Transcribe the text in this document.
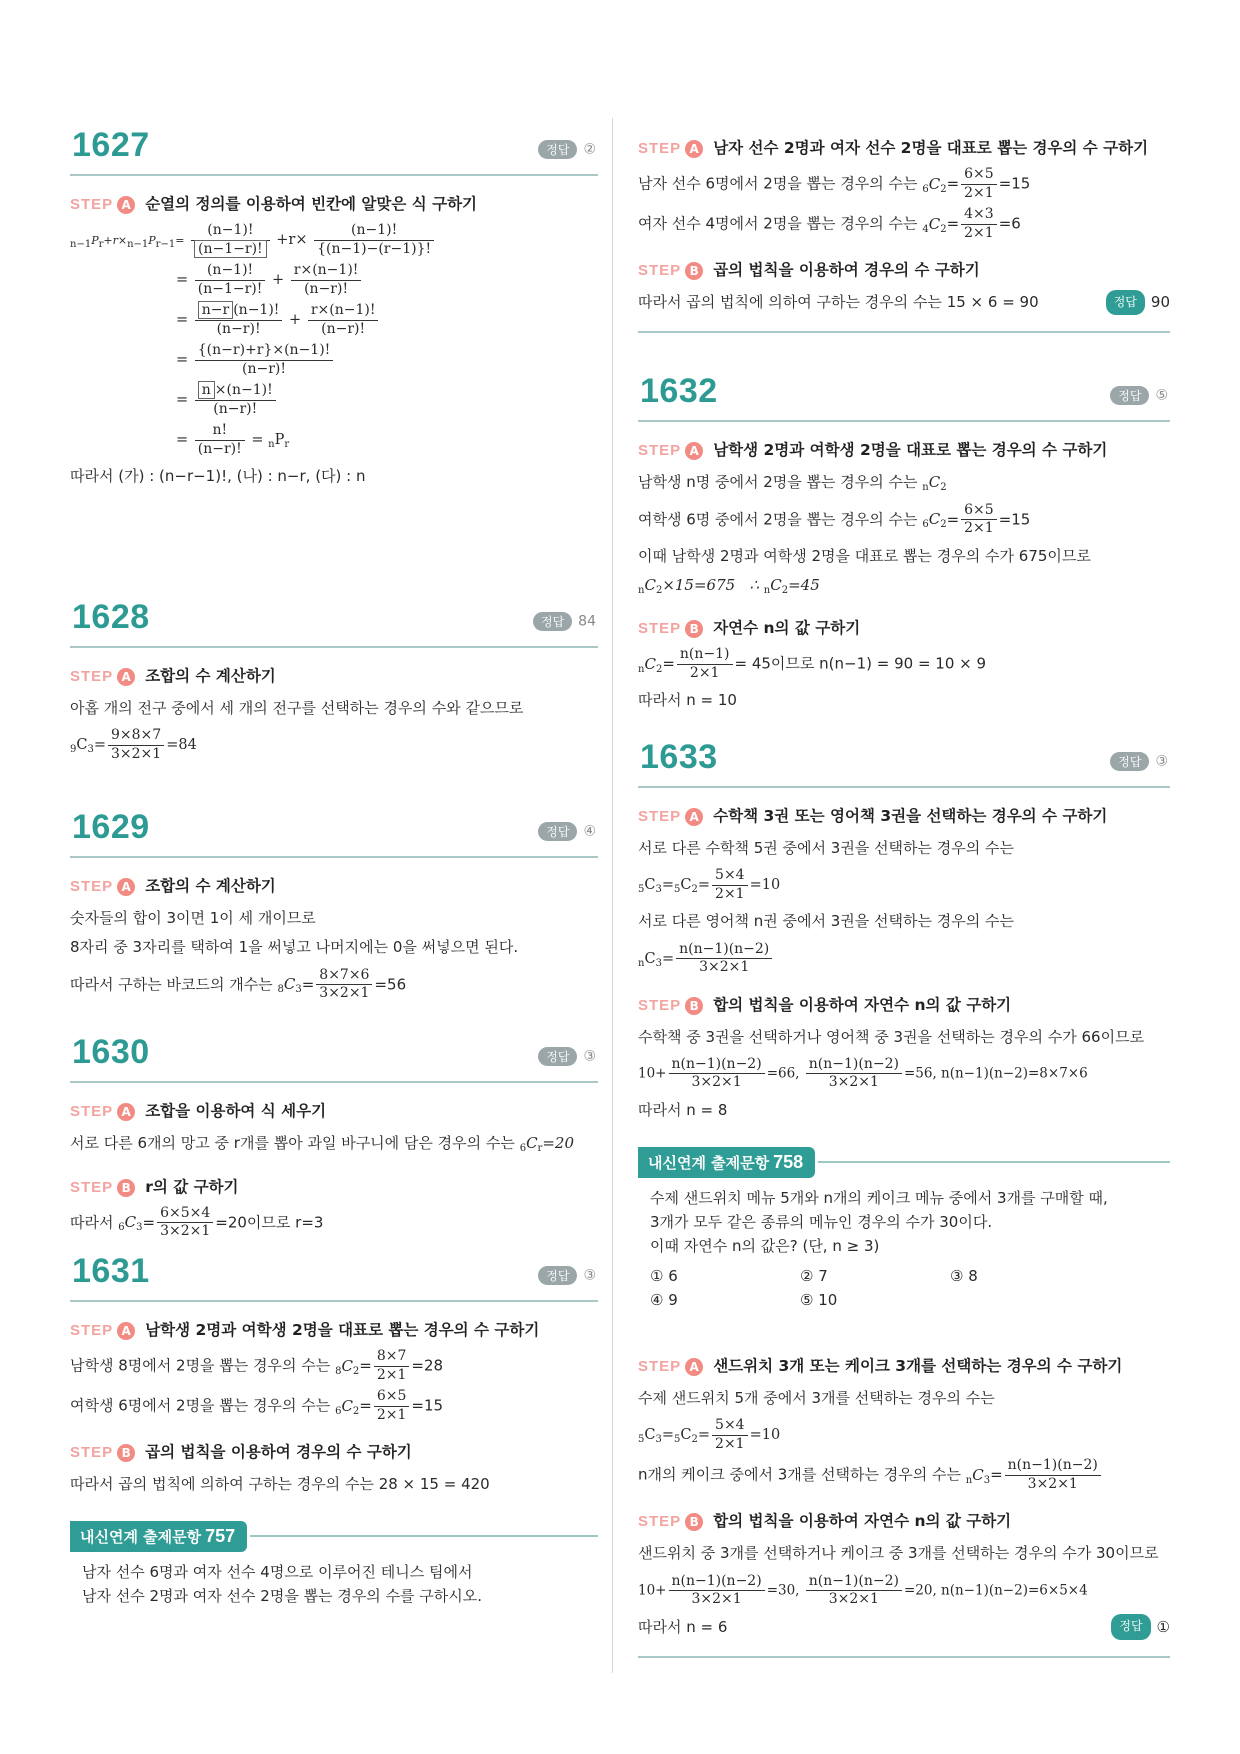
1627	정답 ②
STEP A 순열의 정의를 이용하여 빈칸에 알맞은 식 구하기
$n-1Pr+r\times n-1Pr-1= \frac{(n-1)!}{(n-1-r)!} +r\times \frac{(n-1)!}{\{(n-1)-(r-1)\}!}$
= $\frac{(n-1)!}{(n-1-r)!} + \frac{r\times(n-1)!}{(n-r)!}$
= $\frac{n-r (n-1)!}{(n-r)!} + \frac{r\times(n-1)!}{(n-r)!}$
= $\frac{\{(n-r)+r\}\times(n-1)!}{(n-r)!}$
= $\frac{n \times(n-1)!}{(n-r)!}$
= $\frac{n!}{(n-r)!} = _nP_r$

따라서 (가) : (n−r−1)!, (나) : n−r, (다) : n

1628	정답 84
STEP A 조합의 수 계산하기

아홉 개의 전구 중에서 세 개의 전구를 선택하는 경우의 수와 같으므로

$_9C_3= \frac{9\times 8\times 7}{3\times 2\times 1} =84$
1629	정답 ④
STEP A 조합의 수 계산하기

숫자들의 합이 3이면 1이 세 개이므로

8자리 중 3자리를 택하여 1을 써넣고 나머지에는 0을 써넣으면 된다.

따라서 구하는 바코드의 개수는 $_8C_3= \frac{8\times 7\times 6}{3\times 2\times 1} =56$
1630	정답 ③
STEP A 조합을 이용하여 식 세우기

서로 다른 6개의 망고 중 r개를 뽑아 과일 바구니에 담은 경우의 수는 $_6C_r=20$

STEP B r의 값 구하기
따라서 $_6C_3= \frac{6\times 5\times 4}{3\times 2\times 1} =20$이므로 r=3
1631	정답 ③
STEP A 남학생 2명과 여학생 2명을 대표로 뽑는 경우의 수 구하기
남학생 8명에서 2명을 뽑는 경우의 수는 $_8C_2= \frac{8\times 7}{2\times 1} =28$
여학생 6명에서 2명을 뽑는 경우의 수는 $_6C_2= \frac{6\times 5}{2\times 1} =15$
STEP B 곱의 법칙을 이용하여 경우의 수 구하기

따라서 곱의 법칙에 의하여 구하는 경우의 수는 28 × 15 = 420

내신연계 출제문항 757
남자 선수 6명과 여자 선수 4명으로 이루어진 테니스 팀에서
남자 선수 2명과 여자 선수 2명을 뽑는 경우의 수를 구하시오.
STEP A 남자 선수 2명과 여자 선수 2명을 대표로 뽑는 경우의 수 구하기
남자 선수 6명에서 2명을 뽑는 경우의 수는 $_6C_2= \frac{6\times 5}{2\times 1} =15$
여자 선수 4명에서 2명을 뽑는 경우의 수는 $_4C_2= \frac{4\times 3}{2\times 1} =6$
STEP B 곱의 법칙을 이용하여 경우의 수 구하기
따라서 곱의 법칙에 의하여 구하는 경우의 수는 15 × 6 = 90	정답 90
1632	정답 ⑤
STEP A 남학생 2명과 여학생 2명을 대표로 뽑는 경우의 수 구하기

남학생 n명 중에서 2명을 뽑는 경우의 수는 $_nC_2$

여학생 6명 중에서 2명을 뽑는 경우의 수는 $_6C_2= \frac{6\times 5}{2\times 1} =15$

이때 남학생 2명과 여학생 2명을 대표로 뽑는 경우의 수가 675이므로

$_nC_2\times 15=675$   ∴ $_nC_2=45$

STEP B 자연수 n의 값 구하기
$_nC_2= \frac{n(n-1)}{2\times 1} = 45$이므로 n(n−1) = 90 = 10 × 9

따라서 n = 10

1633	정답 ③
STEP A 수학책 3권 또는 영어책 3권을 선택하는 경우의 수 구하기

서로 다른 수학책 5권 중에서 3권을 선택하는 경우의 수는

$_5C_3=_5C_2= \frac{5\times 4}{2\times 1} =10$

서로 다른 영어책 n권 중에서 3권을 선택하는 경우의 수는

$_nC_3= \frac{n(n-1)(n-2)}{3\times 2\times 1}$
STEP B 합의 법칙을 이용하여 자연수 n의 값 구하기

수학책 중 3권을 선택하거나 영어책 중 3권을 선택하는 경우의 수가 66이므로

$10+ \frac{n(n-1)(n-2)}{3\times 2\times 1} =66$, $\frac{n(n-1)(n-2)}{3\times 2\times 1} =56$, n(n−1)(n−2)=8×7×6

따라서 n = 8

내신연계 출제문항 758
수제 샌드위치 메뉴 5개와 n개의 케이크 메뉴 중에서 3개를 구매할 때,
3개가 모두 같은 종류의 메뉴인 경우의 수가 30이다.
이때 자연수 n의 값은? (단, n ≥ 3)
① 6	② 7	③ 8
④ 9	⑤ 10
STEP A 샌드위치 3개 또는 케이크 3개를 선택하는 경우의 수 구하기

수제 샌드위치 5개 중에서 3개를 선택하는 경우의 수는

$_5C_3=_5C_2= \frac{5\times 4}{2\times 1} =10$
n개의 케이크 중에서 3개를 선택하는 경우의 수는 $_nC_3= \frac{n(n-1)(n-2)}{3\times 2\times 1}$
STEP B 합의 법칙을 이용하여 자연수 n의 값 구하기

샌드위치 중 3개를 선택하거나 케이크 중 3개를 선택하는 경우의 수가 30이므로

$10+ \frac{n(n-1)(n-2)}{3\times 2\times 1} =30$, $\frac{n(n-1)(n-2)}{3\times 2\times 1} =20$, n(n−1)(n−2)=6×5×4
따라서 n = 6	정답 ①
